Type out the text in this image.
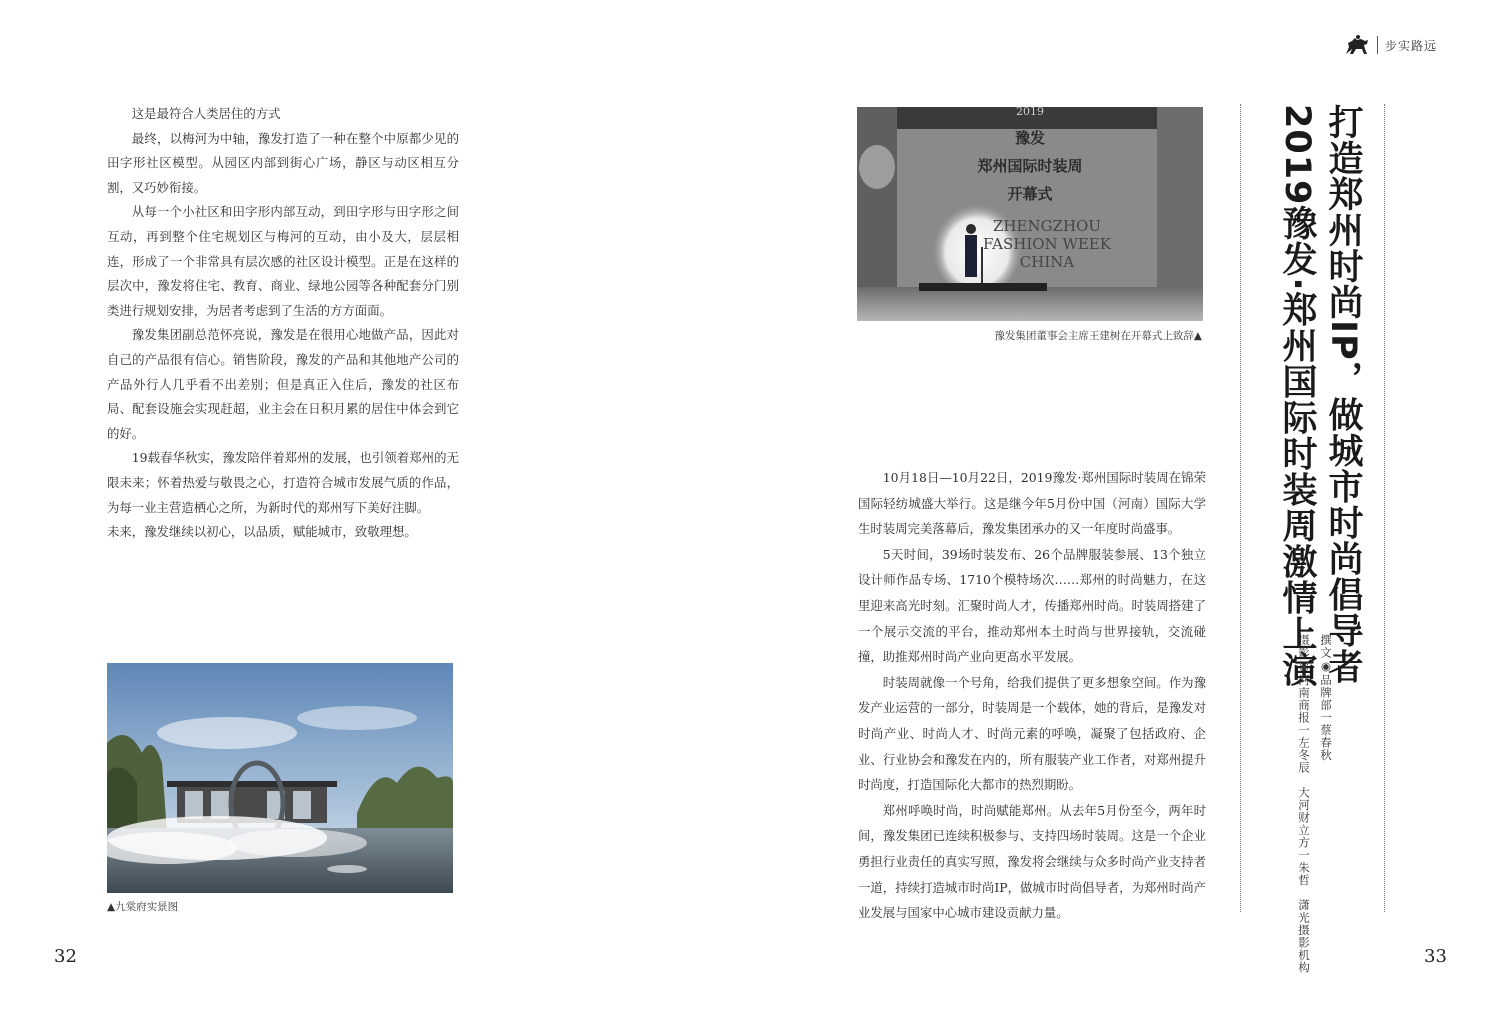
步实路远

这是最符合人类居住的方式

最终，以梅河为中轴，豫发打造了一种在整个中原都少见的田字形社区模型。从园区内部到街心广场，静区与动区相互分割，又巧妙衔接。

从每一个小社区和田字形内部互动，到田字形与田字形之间互动，再到整个住宅规划区与梅河的互动，由小及大，层层相连，形成了一个非常具有层次感的社区设计模型。正是在这样的层次中，豫发将住宅、教育、商业、绿地公园等各种配套分门别类进行规划安排，为居者考虑到了生活的方方面面。

豫发集团副总范怀亮说，豫发是在很用心地做产品，因此对自己的产品很有信心。销售阶段，豫发的产品和其他地产公司的产品外行人几乎看不出差别；但是真正入住后，豫发的社区布局、配套设施会实现赶超，业主会在日积月累的居住中体会到它的好。

19载春华秋实，豫发陪伴着郑州的发展，也引领着郑州的无限未来；怀着热爱与敬畏之心，打造符合城市发展气质的作品，为每一业主营造栖心之所，为新时代的郑州写下美好注脚。

未来，豫发继续以初心，以品质，赋能城市，致敬理想。

▲九棠府实景图
32
2019
豫发
郑州国际时装周
开幕式
ZHENGZHOU
FASHION WEEK
CHINA
豫发集团董事会主席王建树在开幕式上致辞▲

10月18日—10月22日，2019豫发·郑州国际时装周在锦荣国际轻纺城盛大举行。这是继今年5月份中国（河南）国际大学生时装周完美落幕后，豫发集团承办的又一年度时尚盛事。

5天时间，39场时装发布、26个品牌服装参展、13个独立设计师作品专场、1710个模特场次……郑州的时尚魅力，在这里迎来高光时刻。汇聚时尚人才，传播郑州时尚。时装周搭建了一个展示交流的平台，推动郑州本土时尚与世界接轨，交流碰撞，助推郑州时尚产业向更高水平发展。

时装周就像一个号角，给我们提供了更多想象空间。作为豫发产业运营的一部分，时装周是一个载体，她的背后，是豫发对时尚产业、时尚人才、时尚元素的呼唤，凝聚了包括政府、企业、行业协会和豫发在内的，所有服装产业工作者，对郑州提升时尚度，打造国际化大都市的热烈期盼。

郑州呼唤时尚，时尚赋能郑州。从去年5月份至今，两年时间，豫发集团已连续积极参与、支持四场时装周。这是一个企业勇担行业责任的真实写照，豫发将会继续与众多时尚产业支持者一道，持续打造城市时尚IP，做城市时尚倡导者，为郑州时尚产业发展与国家中心城市建设贡献力量。

打造郑州时尚IP，做城市时尚倡导者
2019豫发·郑州国际时装周激情上演
撰文◉品牌部一蔡春秋
摄影◉河南商报一左冬辰　大河财立方一朱哲　潇光摄影机构	33
